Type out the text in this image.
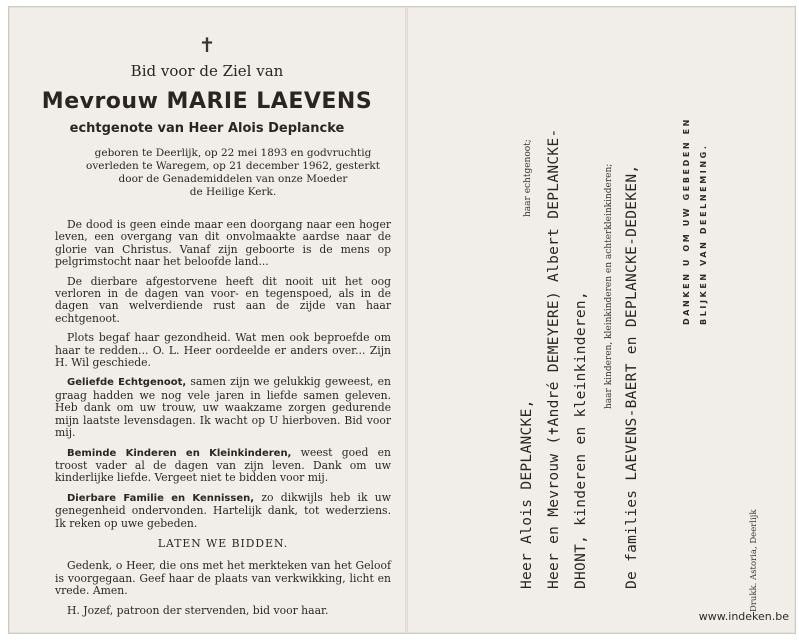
✝
Bid voor de Ziel van
Mevrouw MARIE LAEVENS
echtgenote van Heer Alois Deplancke
geboren te Deerlijk, op 22 mei 1893 en godvruchtig
overleden te Waregem, op 21 december 1962, gesterkt
door de Genademiddelen van onze Moeder
de Heilige Kerk.

De dood is geen einde maar een doorgang naar een hoger leven, een overgang van dit onvolmaakte aardse naar de glorie van Christus. Vanaf zijn geboorte is de mens op pelgrimstocht naar het beloofde land...

De dierbare afgestorvene heeft dit nooit uit het oog verloren in de dagen van voor- en tegenspoed, als in de dagen van welverdiende rust aan de zijde van haar echtgenoot.

Plots begaf haar gezondheid. Wat men ook beproefde om haar te redden... O. L. Heer oordeelde er anders over... Zijn H. Wil geschiede.

Geliefde Echtgenoot, samen zijn we gelukkig geweest, en graag hadden we nog vele jaren in liefde samen geleven. Heb dank om uw trouw, uw waakzame zorgen gedurende mijn laatste levensdagen. Ik wacht op U hierboven. Bid voor mij.

Beminde Kinderen en Kleinkinderen, weest goed en troost vader al de dagen van zijn leven. Dank om uw kinderlijke liefde. Vergeet niet te bidden voor mij.

Dierbare Familie en Kennissen, zo dikwijls heb ik uw genegenheid ondervonden. Hartelijk dank, tot wederziens. Ik reken op uwe gebeden.

LATEN WE BIDDEN.

Gedenk, o Heer, die ons met het merkteken van het Geloof is voorgegaan. Geef haar de plaats van verkwikking, licht en vrede. Amen.

H. Jozef, patroon der stervenden, bid voor haar.

Heer Alois DEPLANCKE,
haar echtgenoot; Heer en Mevrouw (✝André DEMEYERE) Albert DEPLANCKE- DHONT, kinderen en kleinkinderen,
haar kinderen, kleinkinderen en achterkleinkinderen; De families LAEVENS-BAERT en DEPLANCKE-DEDEKEN,	DANKEN U OM UW GEBEDEN EN BLIJKEN VAN DEELNEMING.
Drukk. Astoria, Deerlijk
www.indeken.be
